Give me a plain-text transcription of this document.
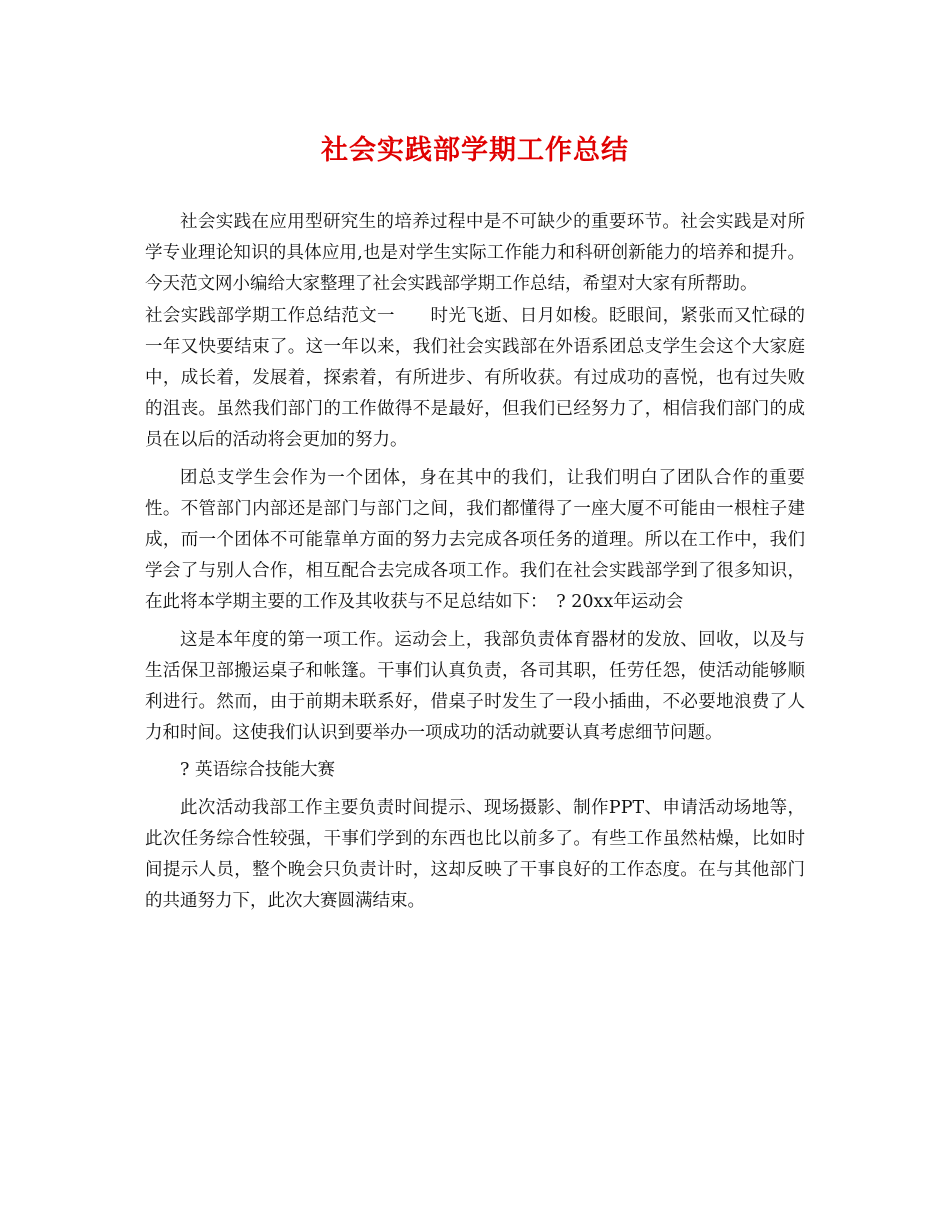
社会实践部学期工作总结

社会实践在应用型研究生的培养过程中是不可缺少的重要环节。社会实践是对所学专业理论知识的具体应用,也是对学生实际工作能力和科研创新能力的培养和提升。今天范文网小编给大家整理了社会实践部学期工作总结，希望对大家有所帮助。

社会实践部学期工作总结范文一　　时光飞逝、日月如梭。眨眼间，紧张而又忙碌的一年又快要结束了。这一年以来，我们社会实践部在外语系团总支学生会这个大家庭中，成长着，发展着，探索着，有所进步、有所收获。有过成功的喜悦，也有过失败的沮丧。虽然我们部门的工作做得不是最好，但我们已经努力了，相信我们部门的成员在以后的活动将会更加的努力。

团总支学生会作为一个团体，身在其中的我们，让我们明白了团队合作的重要性。不管部门内部还是部门与部门之间，我们都懂得了一座大厦不可能由一根柱子建成，而一个团体不可能靠单方面的努力去完成各项任务的道理。所以在工作中，我们学会了与别人合作，相互配合去完成各项工作。我们在社会实践部学到了很多知识，在此将本学期主要的工作及其收获与不足总结如下：　? 20xx年运动会

这是本年度的第一项工作。运动会上，我部负责体育器材的发放、回收，以及与生活保卫部搬运桌子和帐篷。干事们认真负责，各司其职，任劳任怨，使活动能够顺利进行。然而，由于前期未联系好，借桌子时发生了一段小插曲，不必要地浪费了人力和时间。这使我们认识到要举办一项成功的活动就要认真考虑细节问题。

? 英语综合技能大赛

此次活动我部工作主要负责时间提示、现场摄影、制作PPT、申请活动场地等，此次任务综合性较强，干事们学到的东西也比以前多了。有些工作虽然枯燥，比如时间提示人员，整个晚会只负责计时，这却反映了干事良好的工作态度。在与其他部门的共通努力下，此次大赛圆满结束。
